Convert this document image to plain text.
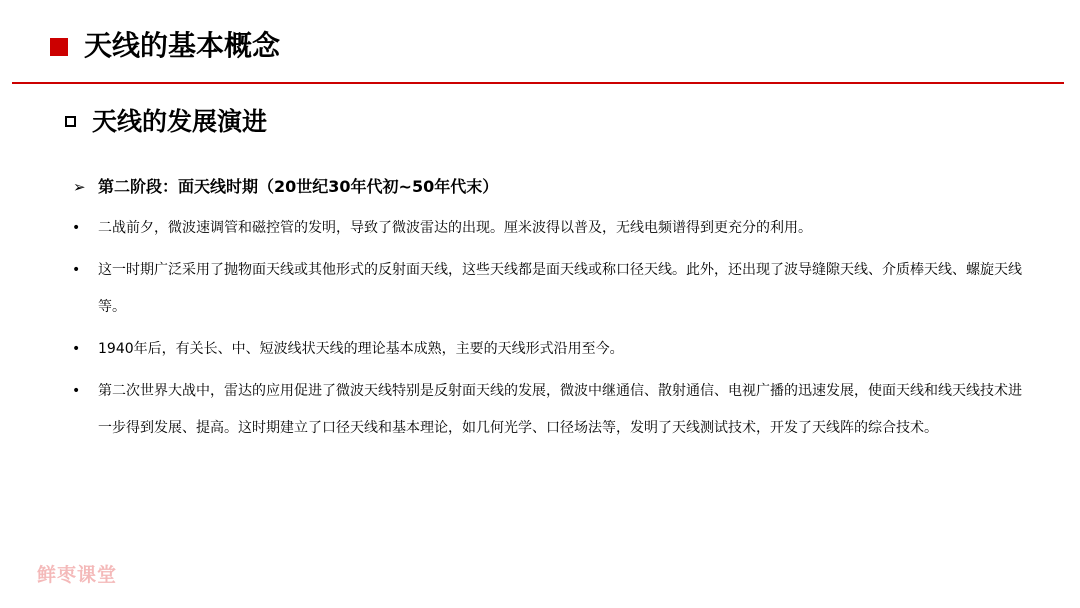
天线的基本概念
天线的发展演进
➢ 第二阶段：面天线时期（20世纪30年代初~50年代末）
• 二战前夕，微波速调管和磁控管的发明，导致了微波雷达的出现。厘米波得以普及，无线电频谱得到更充分的利用。
• 这一时期广泛采用了抛物面天线或其他形式的反射面天线，这些天线都是面天线或称口径天线。此外，还出现了波导缝隙天线、介质棒天线、螺旋天线等。
• 1940年后，有关长、中、短波线状天线的理论基本成熟，主要的天线形式沿用至今。
• 第二次世界大战中，雷达的应用促进了微波天线特别是反射面天线的发展，微波中继通信、散射通信、电视广播的迅速发展，使面天线和线天线技术进一步得到发展、提高。这时期建立了口径天线和基本理论，如几何光学、口径场法等，发明了天线测试技术，开发了天线阵的综合技术。
鲜枣课堂
